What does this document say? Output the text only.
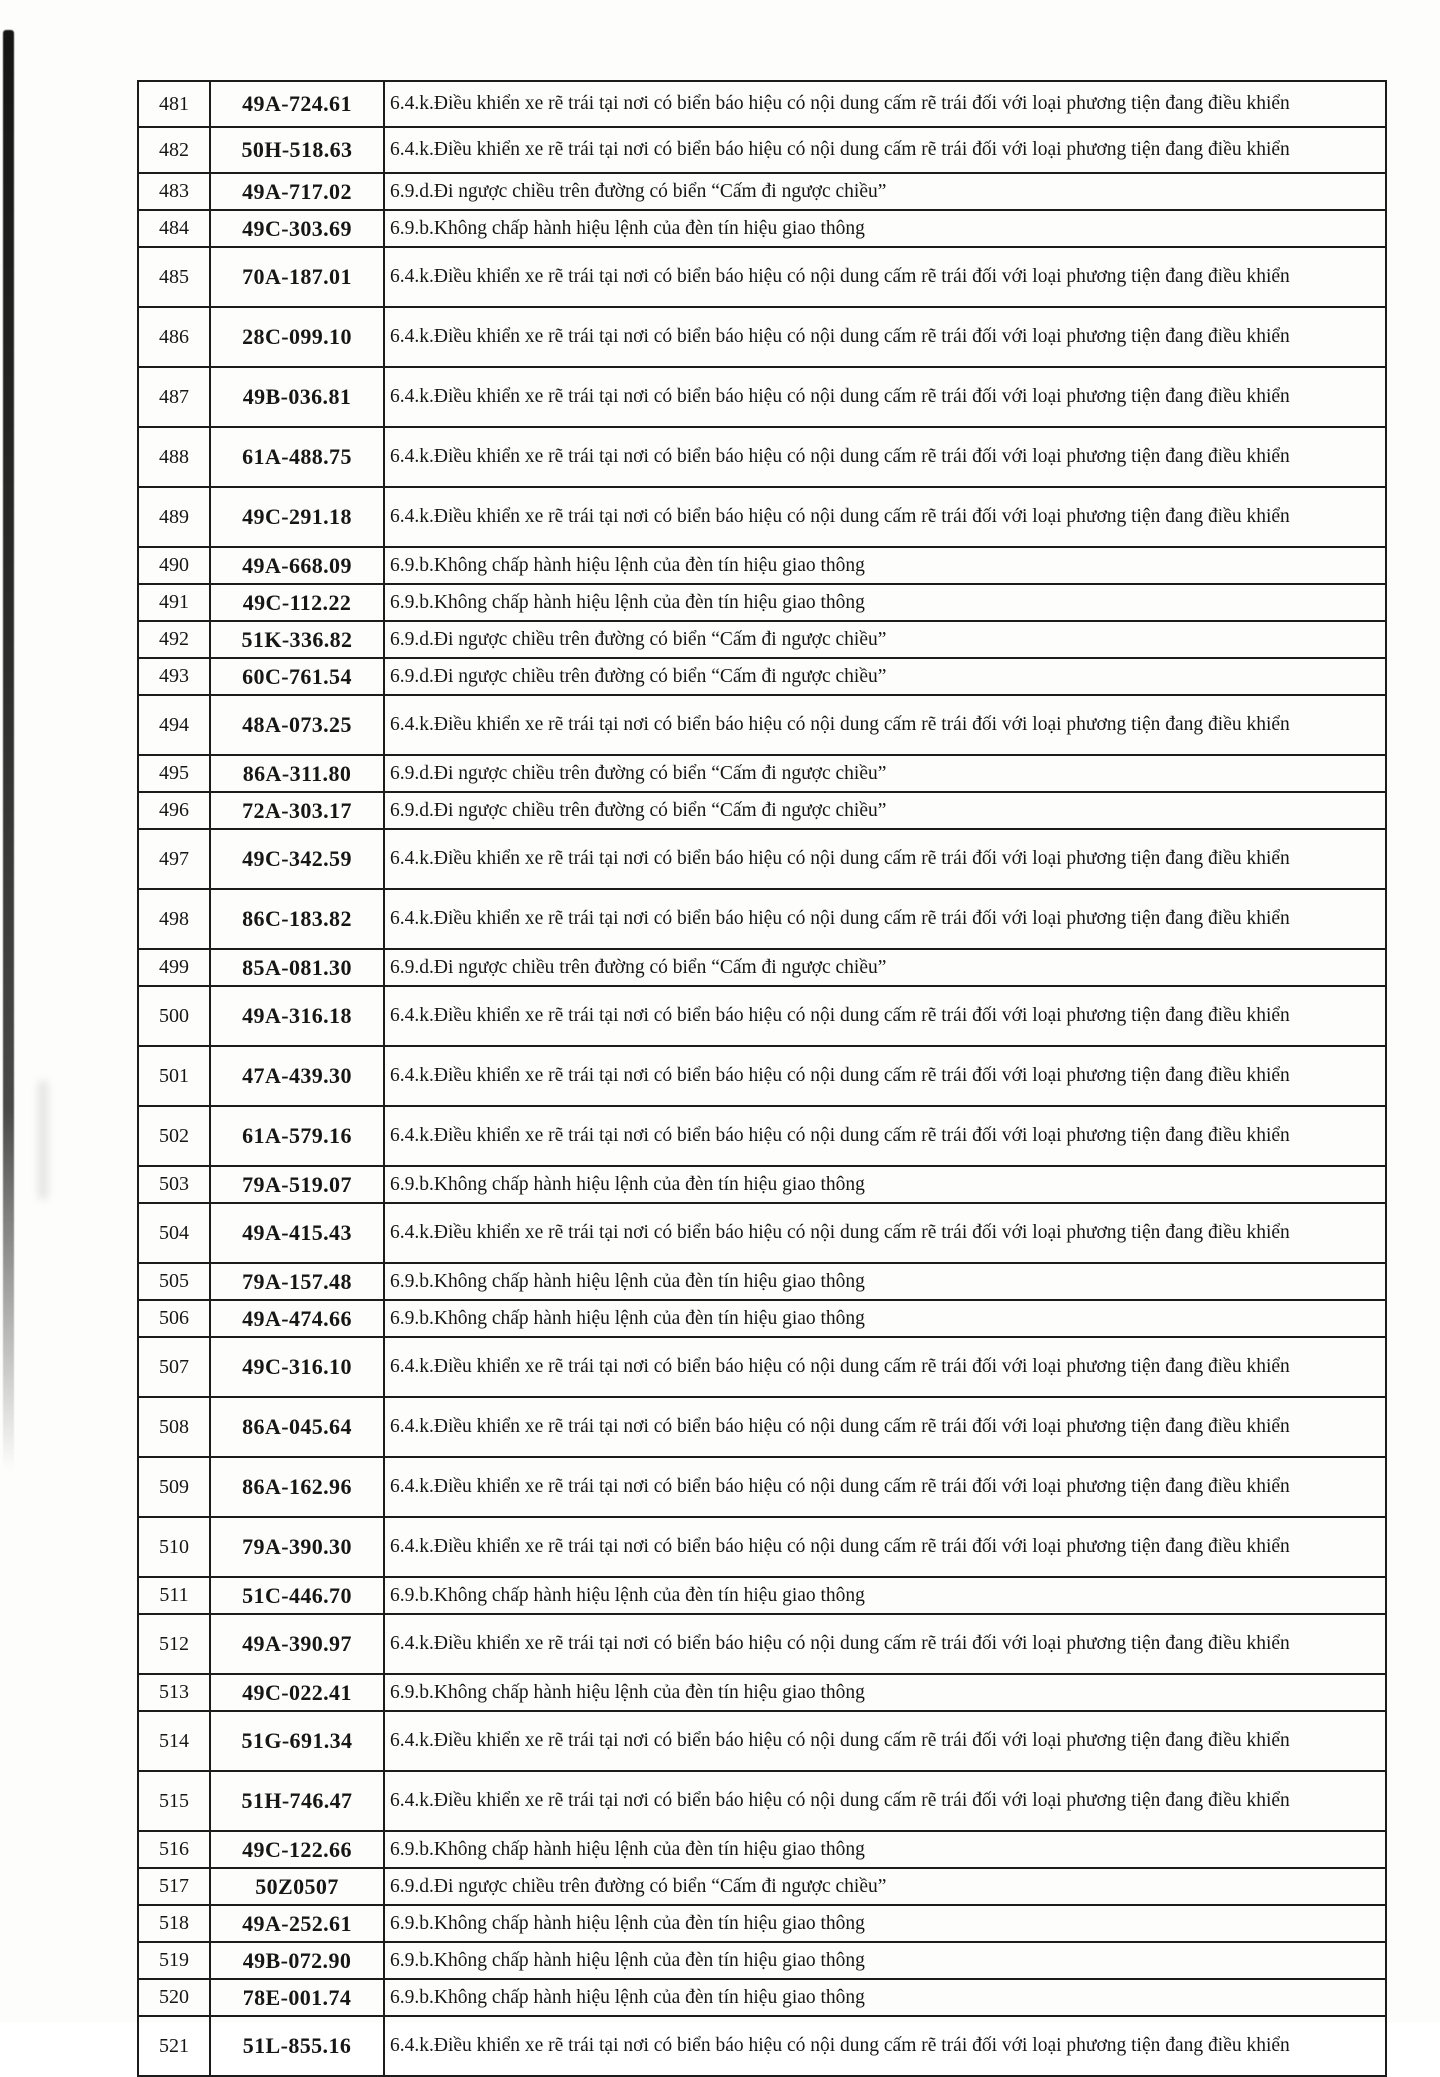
481	49A-724.61	6.4.k.Điều khiển xe rẽ trái tại nơi có biển báo hiệu có nội dung cấm rẽ trái đối với loại phương tiện đang điều khiển
482	50H-518.63	6.4.k.Điều khiển xe rẽ trái tại nơi có biển báo hiệu có nội dung cấm rẽ trái đối với loại phương tiện đang điều khiển
483	49A-717.02	6.9.d.Đi ngược chiều trên đường có biển “Cấm đi ngược chiều”
484	49C-303.69	6.9.b.Không chấp hành hiệu lệnh của đèn tín hiệu giao thông
485	70A-187.01	6.4.k.Điều khiển xe rẽ trái tại nơi có biển báo hiệu có nội dung cấm rẽ trái đối với loại phương tiện đang điều khiển
486	28C-099.10	6.4.k.Điều khiển xe rẽ trái tại nơi có biển báo hiệu có nội dung cấm rẽ trái đối với loại phương tiện đang điều khiển
487	49B-036.81	6.4.k.Điều khiển xe rẽ trái tại nơi có biển báo hiệu có nội dung cấm rẽ trái đối với loại phương tiện đang điều khiển
488	61A-488.75	6.4.k.Điều khiển xe rẽ trái tại nơi có biển báo hiệu có nội dung cấm rẽ trái đối với loại phương tiện đang điều khiển
489	49C-291.18	6.4.k.Điều khiển xe rẽ trái tại nơi có biển báo hiệu có nội dung cấm rẽ trái đối với loại phương tiện đang điều khiển
490	49A-668.09	6.9.b.Không chấp hành hiệu lệnh của đèn tín hiệu giao thông
491	49C-112.22	6.9.b.Không chấp hành hiệu lệnh của đèn tín hiệu giao thông
492	51K-336.82	6.9.d.Đi ngược chiều trên đường có biển “Cấm đi ngược chiều”
493	60C-761.54	6.9.d.Đi ngược chiều trên đường có biển “Cấm đi ngược chiều”
494	48A-073.25	6.4.k.Điều khiển xe rẽ trái tại nơi có biển báo hiệu có nội dung cấm rẽ trái đối với loại phương tiện đang điều khiển
495	86A-311.80	6.9.d.Đi ngược chiều trên đường có biển “Cấm đi ngược chiều”
496	72A-303.17	6.9.d.Đi ngược chiều trên đường có biển “Cấm đi ngược chiều”
497	49C-342.59	6.4.k.Điều khiển xe rẽ trái tại nơi có biển báo hiệu có nội dung cấm rẽ trái đối với loại phương tiện đang điều khiển
498	86C-183.82	6.4.k.Điều khiển xe rẽ trái tại nơi có biển báo hiệu có nội dung cấm rẽ trái đối với loại phương tiện đang điều khiển
499	85A-081.30	6.9.d.Đi ngược chiều trên đường có biển “Cấm đi ngược chiều”
500	49A-316.18	6.4.k.Điều khiển xe rẽ trái tại nơi có biển báo hiệu có nội dung cấm rẽ trái đối với loại phương tiện đang điều khiển
501	47A-439.30	6.4.k.Điều khiển xe rẽ trái tại nơi có biển báo hiệu có nội dung cấm rẽ trái đối với loại phương tiện đang điều khiển
502	61A-579.16	6.4.k.Điều khiển xe rẽ trái tại nơi có biển báo hiệu có nội dung cấm rẽ trái đối với loại phương tiện đang điều khiển
503	79A-519.07	6.9.b.Không chấp hành hiệu lệnh của đèn tín hiệu giao thông
504	49A-415.43	6.4.k.Điều khiển xe rẽ trái tại nơi có biển báo hiệu có nội dung cấm rẽ trái đối với loại phương tiện đang điều khiển
505	79A-157.48	6.9.b.Không chấp hành hiệu lệnh của đèn tín hiệu giao thông
506	49A-474.66	6.9.b.Không chấp hành hiệu lệnh của đèn tín hiệu giao thông
507	49C-316.10	6.4.k.Điều khiển xe rẽ trái tại nơi có biển báo hiệu có nội dung cấm rẽ trái đối với loại phương tiện đang điều khiển
508	86A-045.64	6.4.k.Điều khiển xe rẽ trái tại nơi có biển báo hiệu có nội dung cấm rẽ trái đối với loại phương tiện đang điều khiển
509	86A-162.96	6.4.k.Điều khiển xe rẽ trái tại nơi có biển báo hiệu có nội dung cấm rẽ trái đối với loại phương tiện đang điều khiển
510	79A-390.30	6.4.k.Điều khiển xe rẽ trái tại nơi có biển báo hiệu có nội dung cấm rẽ trái đối với loại phương tiện đang điều khiển
511	51C-446.70	6.9.b.Không chấp hành hiệu lệnh của đèn tín hiệu giao thông
512	49A-390.97	6.4.k.Điều khiển xe rẽ trái tại nơi có biển báo hiệu có nội dung cấm rẽ trái đối với loại phương tiện đang điều khiển
513	49C-022.41	6.9.b.Không chấp hành hiệu lệnh của đèn tín hiệu giao thông
514	51G-691.34	6.4.k.Điều khiển xe rẽ trái tại nơi có biển báo hiệu có nội dung cấm rẽ trái đối với loại phương tiện đang điều khiển
515	51H-746.47	6.4.k.Điều khiển xe rẽ trái tại nơi có biển báo hiệu có nội dung cấm rẽ trái đối với loại phương tiện đang điều khiển
516	49C-122.66	6.9.b.Không chấp hành hiệu lệnh của đèn tín hiệu giao thông
517	50Z0507	6.9.d.Đi ngược chiều trên đường có biển “Cấm đi ngược chiều”
518	49A-252.61	6.9.b.Không chấp hành hiệu lệnh của đèn tín hiệu giao thông
519	49B-072.90	6.9.b.Không chấp hành hiệu lệnh của đèn tín hiệu giao thông
520	78E-001.74	6.9.b.Không chấp hành hiệu lệnh của đèn tín hiệu giao thông
521	51L-855.16	6.4.k.Điều khiển xe rẽ trái tại nơi có biển báo hiệu có nội dung cấm rẽ trái đối với loại phương tiện đang điều khiển
